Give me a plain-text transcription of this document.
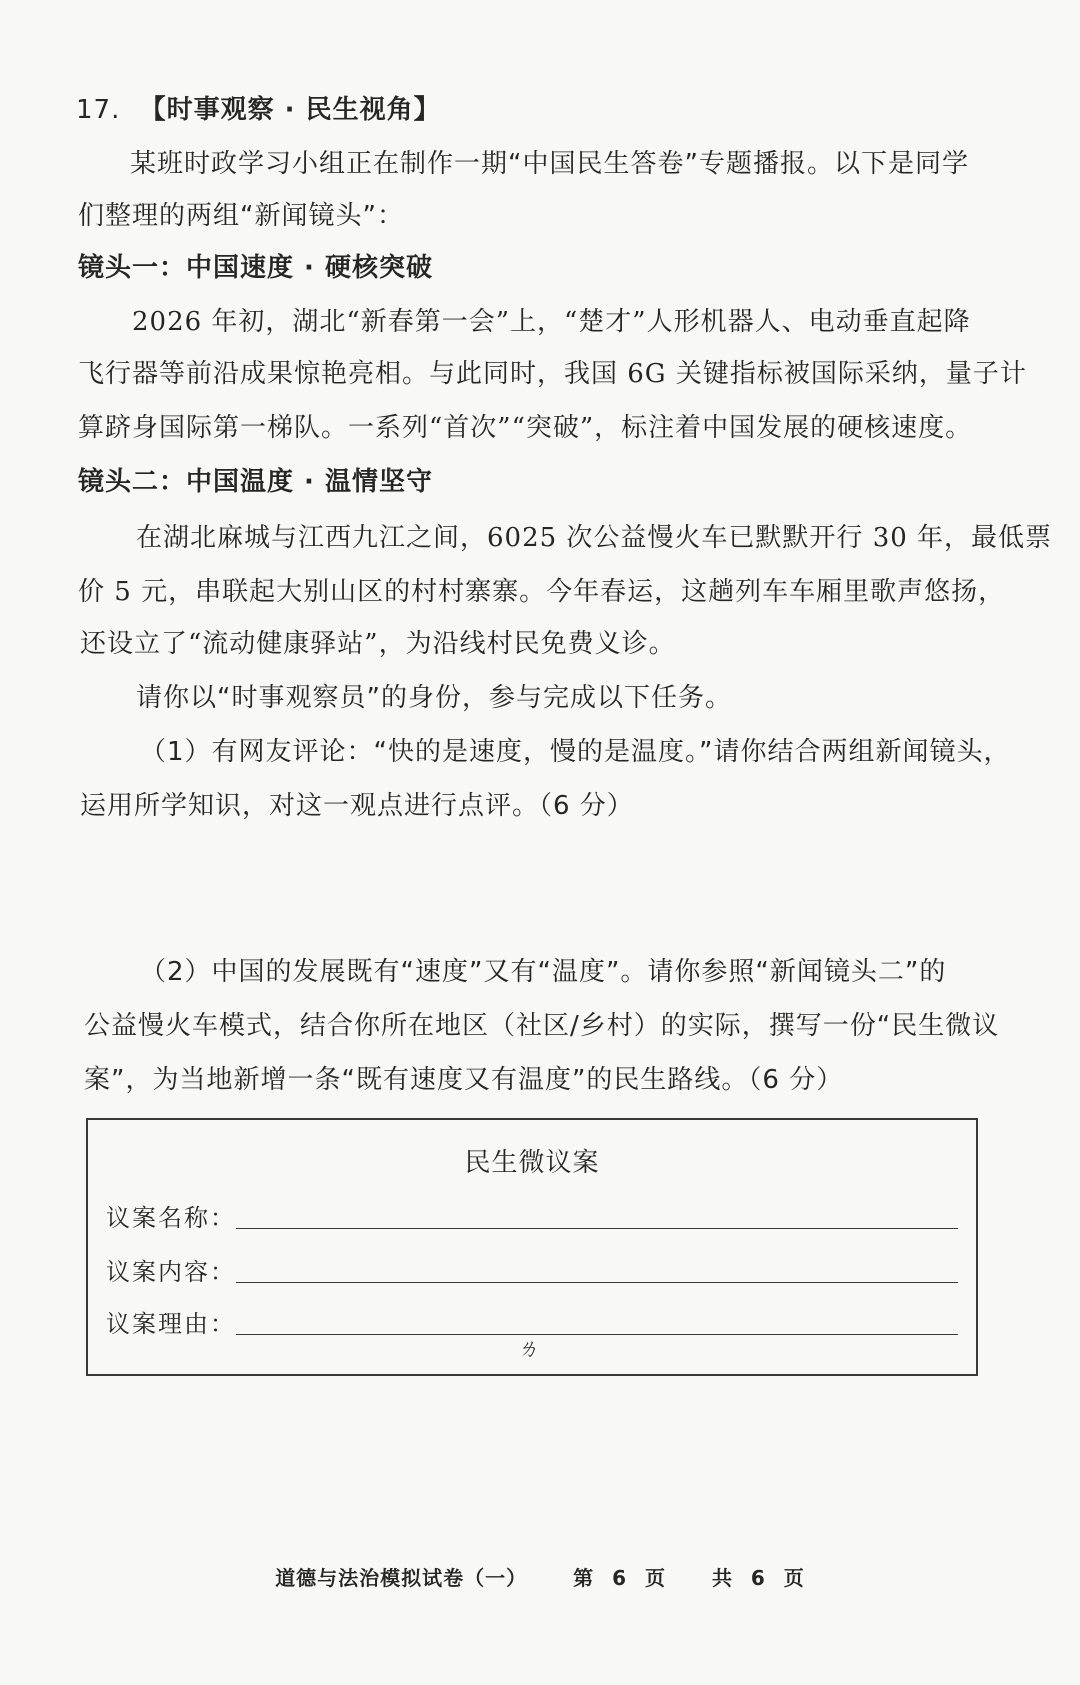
17. 【时事观察 · 民生视角】
某班时政学习小组正在制作一期“中国民生答卷”专题播报。以下是同学
们整理的两组“新闻镜头”：
镜头一：中国速度 · 硬核突破
2026 年初，湖北“新春第一会”上，“楚才”人形机器人、电动垂直起降
飞行器等前沿成果惊艳亮相。与此同时，我国 6G 关键指标被国际采纳，量子计
算跻身国际第一梯队。一系列“首次”“突破”，标注着中国发展的硬核速度。
镜头二：中国温度 · 温情坚守
在湖北麻城与江西九江之间，6025 次公益慢火车已默默开行 30 年，最低票
价 5 元，串联起大别山区的村村寨寨。今年春运，这趟列车车厢里歌声悠扬，
还设立了“流动健康驿站”，为沿线村民免费义诊。
请你以“时事观察员”的身份，参与完成以下任务。
（1）有网友评论：“快的是速度，慢的是温度。”请你结合两组新闻镜头，
运用所学知识，对这一观点进行点评。（6 分）
（2）中国的发展既有“速度”又有“温度”。请你参照“新闻镜头二”的
公益慢火车模式，结合你所在地区（社区/乡村）的实际，撰写一份“民生微议
案”，为当地新增一条“既有速度又有温度”的民生路线。（6 分）
民生微议案
议案名称：
议案内容：
议案理由：
ㄌ
道德与法治模拟试卷（一） 第 6 页 共 6 页
